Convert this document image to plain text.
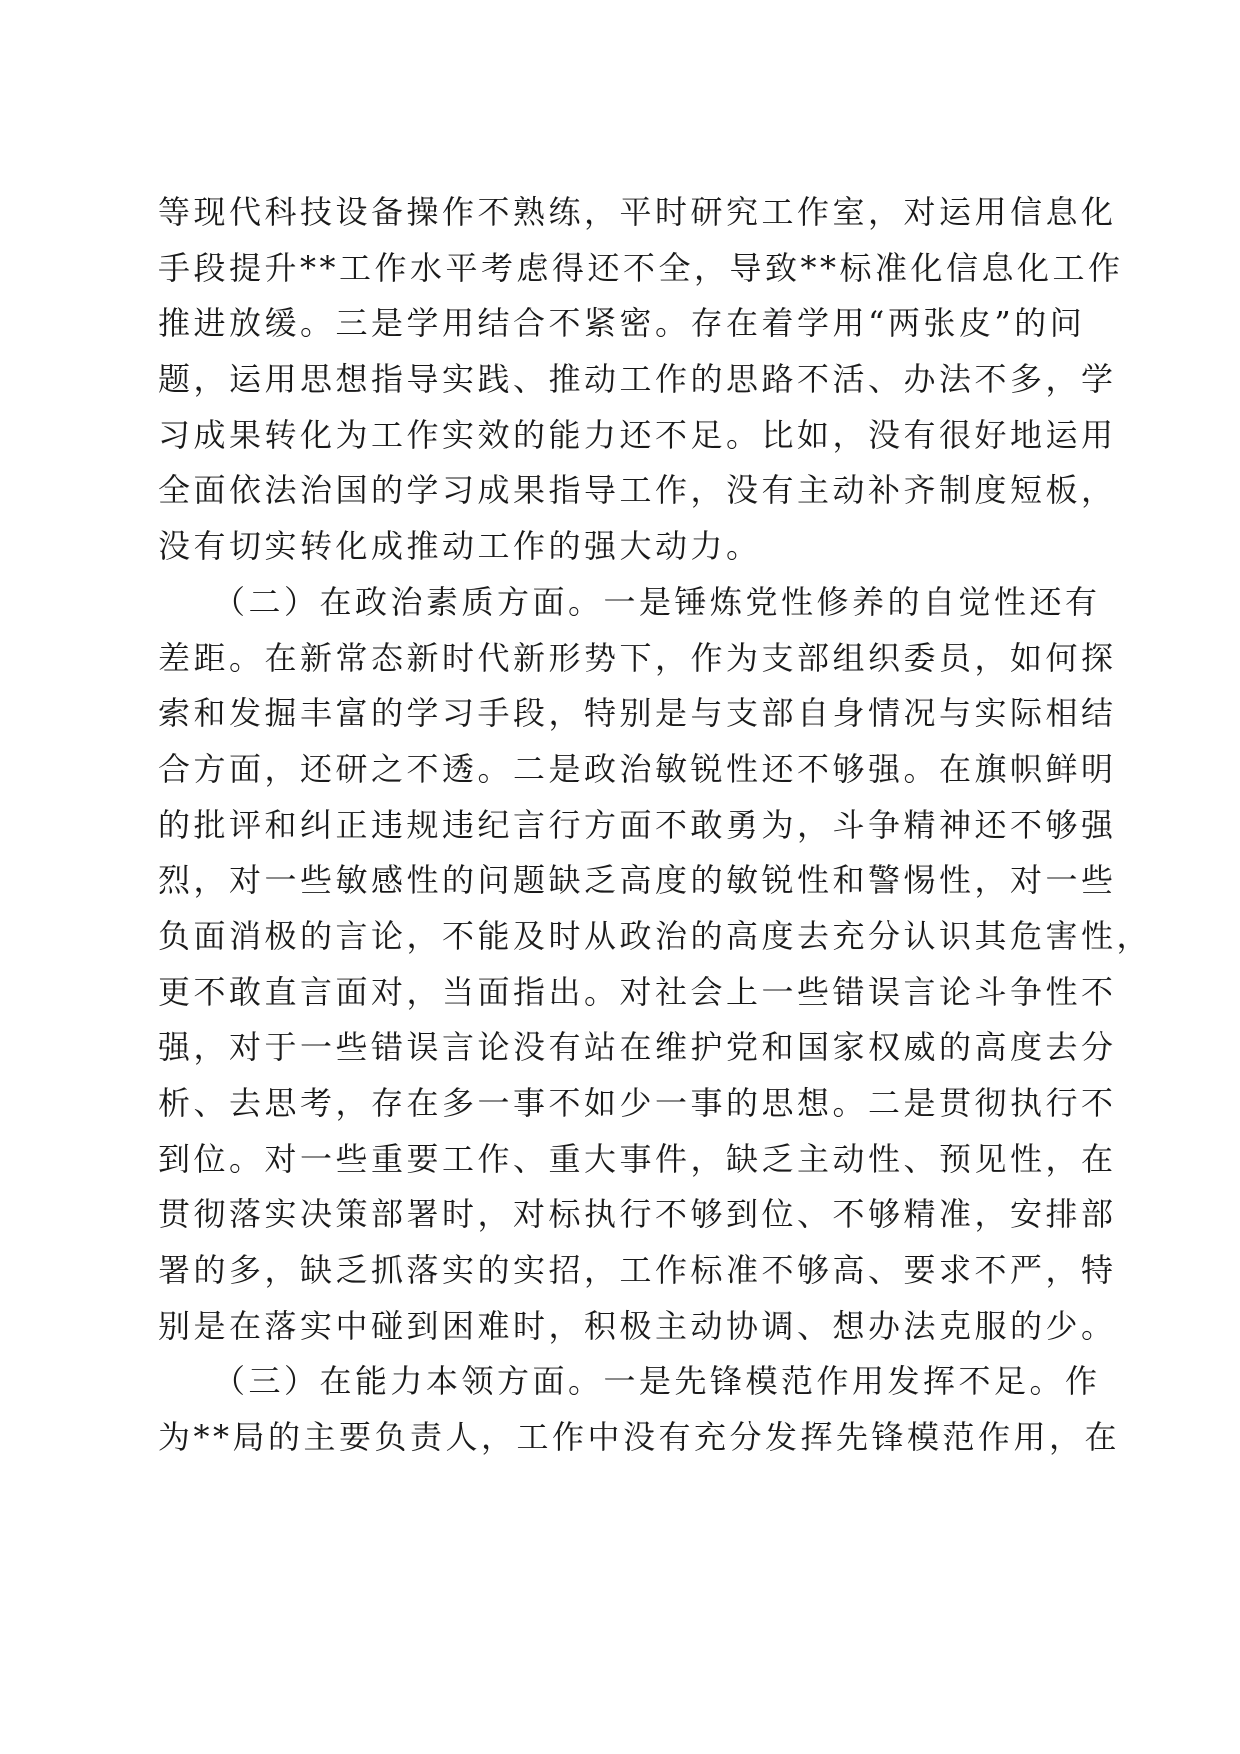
等现代科技设备操作不熟练，平时研究工作室，对运用信息化
手段提升**工作水平考虑得还不全，导致**标准化信息化工作
推进放缓。三是学用结合不紧密。存在着学用“两张皮”的问
题，运用思想指导实践、推动工作的思路不活、办法不多，学
习成果转化为工作实效的能力还不足。比如，没有很好地运用
全面依法治国的学习成果指导工作，没有主动补齐制度短板，
没有切实转化成推动工作的强大动力。
　　（二）在政治素质方面。一是锤炼党性修养的自觉性还有
差距。在新常态新时代新形势下，作为支部组织委员，如何探
索和发掘丰富的学习手段，特别是与支部自身情况与实际相结
合方面，还研之不透。二是政治敏锐性还不够强。在旗帜鲜明
的批评和纠正违规违纪言行方面不敢勇为，斗争精神还不够强
烈，对一些敏感性的问题缺乏高度的敏锐性和警惕性，对一些
负面消极的言论，不能及时从政治的高度去充分认识其危害性，
更不敢直言面对，当面指出。对社会上一些错误言论斗争性不
强，对于一些错误言论没有站在维护党和国家权威的高度去分
析、去思考，存在多一事不如少一事的思想。二是贯彻执行不
到位。对一些重要工作、重大事件，缺乏主动性、预见性，在
贯彻落实决策部署时，对标执行不够到位、不够精准，安排部
署的多，缺乏抓落实的实招，工作标准不够高、要求不严，特
别是在落实中碰到困难时，积极主动协调、想办法克服的少。
　　（三）在能力本领方面。一是先锋模范作用发挥不足。作
为**局的主要负责人，工作中没有充分发挥先锋模范作用，在
